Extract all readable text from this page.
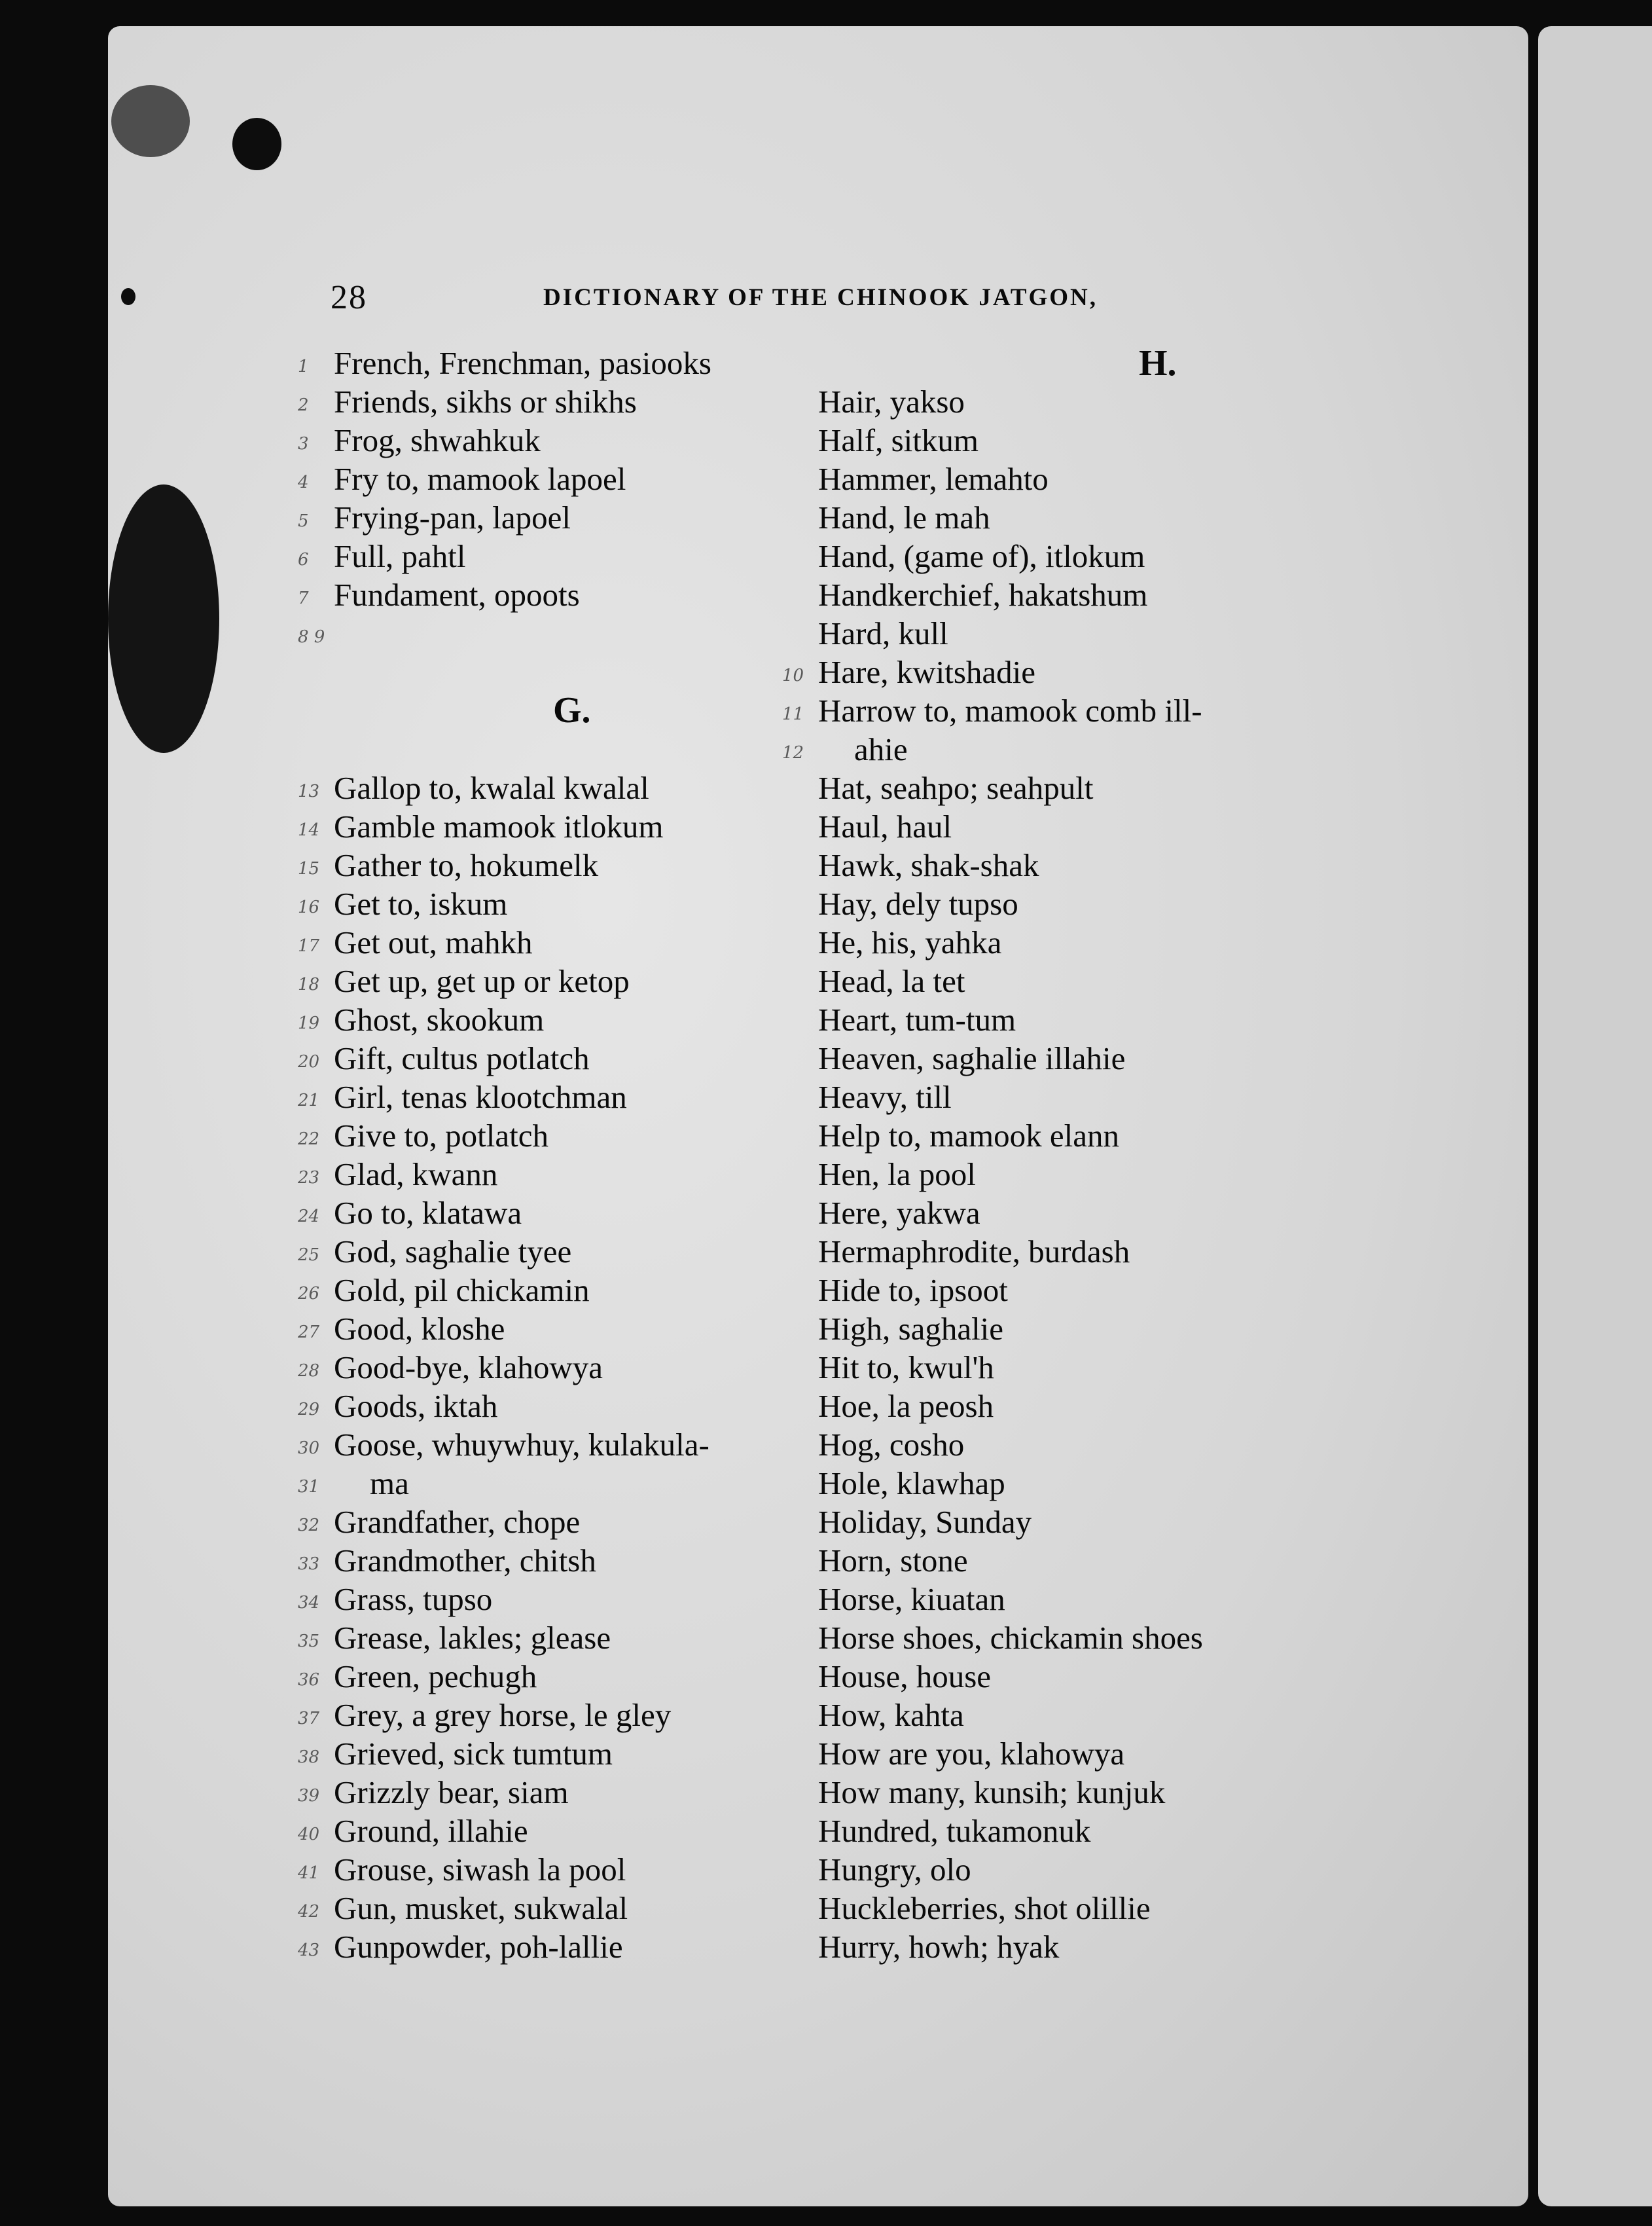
28	DICTIONARY OF THE CHINOOK JATGON,
1 French, Frenchman, pasiooks
2 Friends, sikhs or shikhs
3 Frog, shwahkuk
4 Fry to, mamook lapoel
5 Frying-pan, lapoel
6 Full, pahtl
7 Fundament, opoots
8 9
G.
13 Gallop to, kwalal kwalal
14 Gamble mamook itlokum
15 Gather to, hokumelk
16 Get to, iskum
17 Get out, mahkh
18 Get up, get up or ketop
19 Ghost, skookum
20 Gift, cultus potlatch
21 Girl, tenas klootchman
22 Give to, potlatch
23 Glad, kwann
24 Go to, klatawa
25 God, saghalie tyee
26 Gold, pil chickamin
27 Good, kloshe
28 Good-bye, klahowya
29 Goods, iktah
30 Goose, whuywhuy, kulakula-
ma
31
32 Grandfather, chope
33 Grandmother, chitsh
34 Grass, tupso
35 Grease, lakles; glease
36 Green, pechugh
37 Grey, a grey horse, le gley
38 Grieved, sick tumtum
39 Grizzly bear, siam
40 Ground, illahie
41 Grouse, siwash la pool
42 Gun, musket, sukwalal
43 Gunpowder, poh-lallie
H.
Hair, yakso
Half, sitkum
Hammer, lemahto
Hand, le mah
Hand, (game of), itlokum
Handkerchief, hakatshum
Hard, kull
10 Hare, kwitshadie
11 Harrow to, mamook comb ill-
ahie
12
Hat, seahpo; seahpult
Haul, haul
Hawk, shak-shak
Hay, dely tupso
He, his, yahka
Head, la tet
Heart, tum-tum
Heaven, saghalie illahie
Heavy, till
Help to, mamook elann
Hen, la pool
Here, yakwa
Hermaphrodite, burdash
Hide to, ipsoot
High, saghalie
Hit to, kwul'h
Hoe, la peosh
Hog, cosho
Hole, klawhap
Holiday, Sunday
Horn, stone
Horse, kiuatan
Horse shoes, chickamin shoes
House, house
How, kahta
How are you, klahowya
How many, kunsih; kunjuk
Hundred, tukamonuk
Hungry, olo
Huckleberries, shot olillie
Hurry, howh; hyak
